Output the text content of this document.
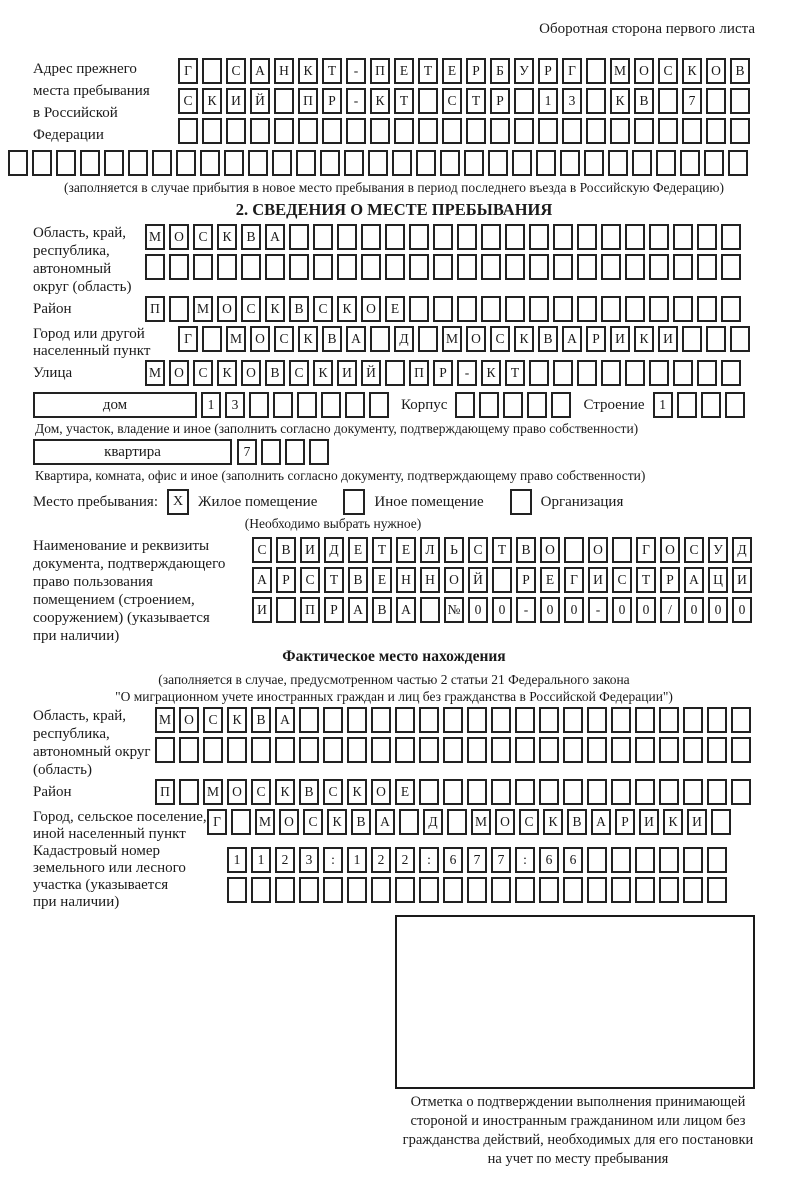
Оборотная сторона первого листа
Адрес прежнего
места пребывания
в Российской
Федерации
Г	С А Н К Т - П Е Т Е Р Б У Р Г	М О С К О В
С К И Й	П Р - К Т	С Т Р	1 3	К В	7
(заполняется в случае прибытия в новое место пребывания в период последнего въезда в Российскую Федерацию)
2. СВЕДЕНИЯ О МЕСТЕ ПРЕБЫВАНИЯ
Область, край,
республика,
автономный
округ (область)
М О С К В А
Район	П	М О С К В С К О Е
Город или другой
населенный пункт
Г	М О С К В А	Д	М О С К В А Р И К И
Улица	М О С К О В С К И Й	П Р - К Т
дом	1 3	Корпус	Строение	1
Дом, участок, владение и иное (заполнить согласно документу, подтверждающему право собственности)
квартира	7
Квартира, комната, офис и иное (заполнить согласно документу, подтверждающему право собственности)
Место пребывания:	X Жилое помещение	Иное помещение	Организация
(Необходимо выбрать нужное)
Наименование и реквизиты
документа, подтверждающего
право пользования
помещением (строением,
сооружением) (указывается
при наличии)
С В И Д Е Т Е Л Ь С Т В О	О	Г О С У Д
А Р С Т В Е Н Н О Й	Р Е Г И С Т Р А Ц И
И	П Р А В А	№ 0 0 - 0 0 - 0 0 / 0 0 0
Фактическое место нахождения
(заполняется в случае, предусмотренном частью 2 статьи 21 Федерального закона
"О миграционном учете иностранных граждан и лиц без гражданства в Российской Федерации")
Область, край,
республика,
автономный округ
(область)
М О С К В А
Район	П	М О С К В С К О Е
Город, сельское поселение,
иной населенный пункт
Г	М О С К В А	Д	М О С К В А Р И К И
Кадастровый номер
земельного или лесного
участка (указывается
при наличии)
1 1 2 3 : 1 2 2 : 6 7 7 : 6 6
Отметка о подтверждении выполнения принимающей
стороной и иностранным гражданином или лицом без
гражданства действий, необходимых для его постановки
на учет по месту пребывания
